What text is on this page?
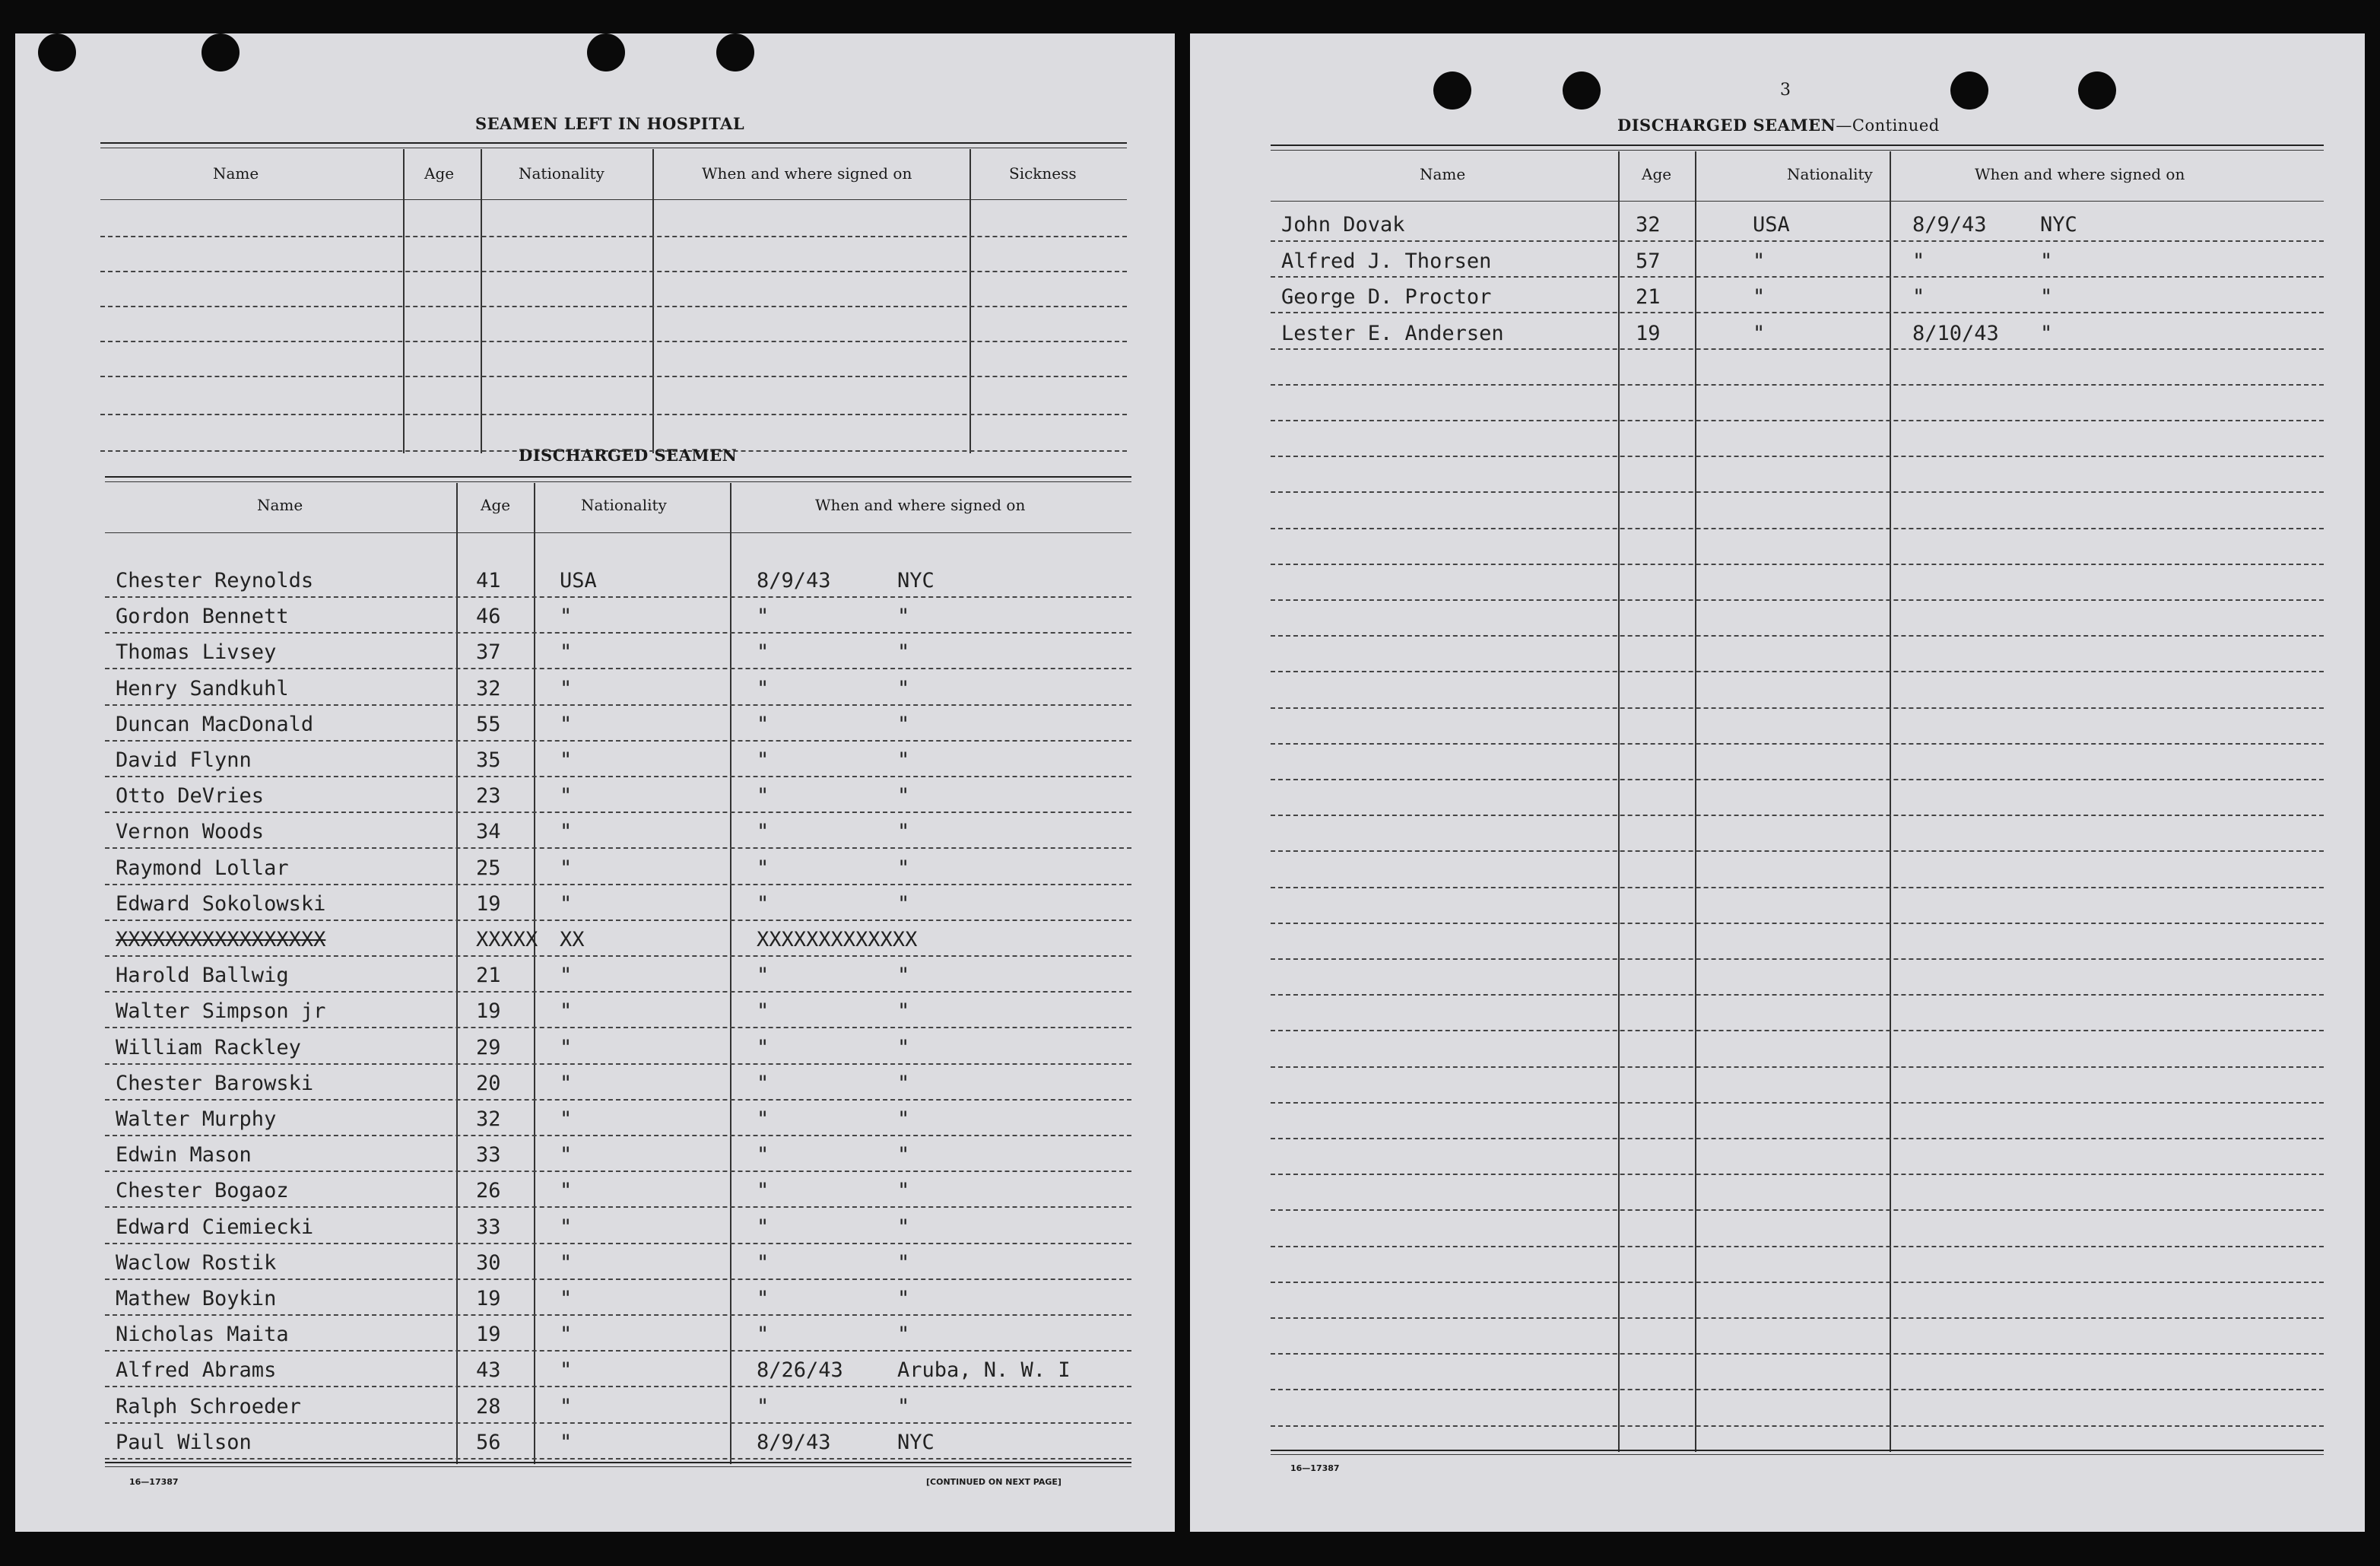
SEAMEN LEFT IN HOSPITAL
Name	Age	Nationality	When and where signed on	Sickness
DISCHARGED SEAMEN
Name	Age	Nationality	When and where signed on
Chester Reynolds	41	USA	8/9/43	NYC
Gordon Bennett	46	"	"	"
Thomas Livsey	37	"	"	"
Henry Sandkuhl	32	"	"	"
Duncan MacDonald	55	"	"	"
David Flynn	35	"	"	"
Otto DeVries	23	"	"	"
Vernon Woods	34	"	"	"
Raymond Lollar	25	"	"	"
Edward Sokolowski	19	"	"	"
XXXXXXXXXXXXXXXXX	XXXXX XX	XXXXXXXXXXXXX
Harold Ballwig	21	"	"	"
Walter Simpson jr	19	"	"	"
William Rackley	29	"	"	"
Chester Barowski	20	"	"	"
Walter Murphy	32	"	"	"
Edwin Mason	33	"	"	"
Chester Bogaoz	26	"	"	"
Edward Ciemiecki	33	"	"	"
Waclow Rostik	30	"	"	"
Mathew Boykin	19	"	"	"
Nicholas Maita	19	"	"	"
Alfred Abrams	43	"	8/26/43	Aruba, N. W. I
Ralph Schroeder	28	"	"	"
Paul Wilson	56	"	8/9/43	NYC
16—17387	[CONTINUED ON NEXT PAGE]
3
DISCHARGED SEAMEN—Continued
Name	Age	Nationality	When and where signed on
John Dovak	32	USA	8/9/43	NYC
Alfred J. Thorsen	57	"	"	"
George D. Proctor	21	"	"	"
Lester E. Andersen	19	"	8/10/43 "
16—17387
